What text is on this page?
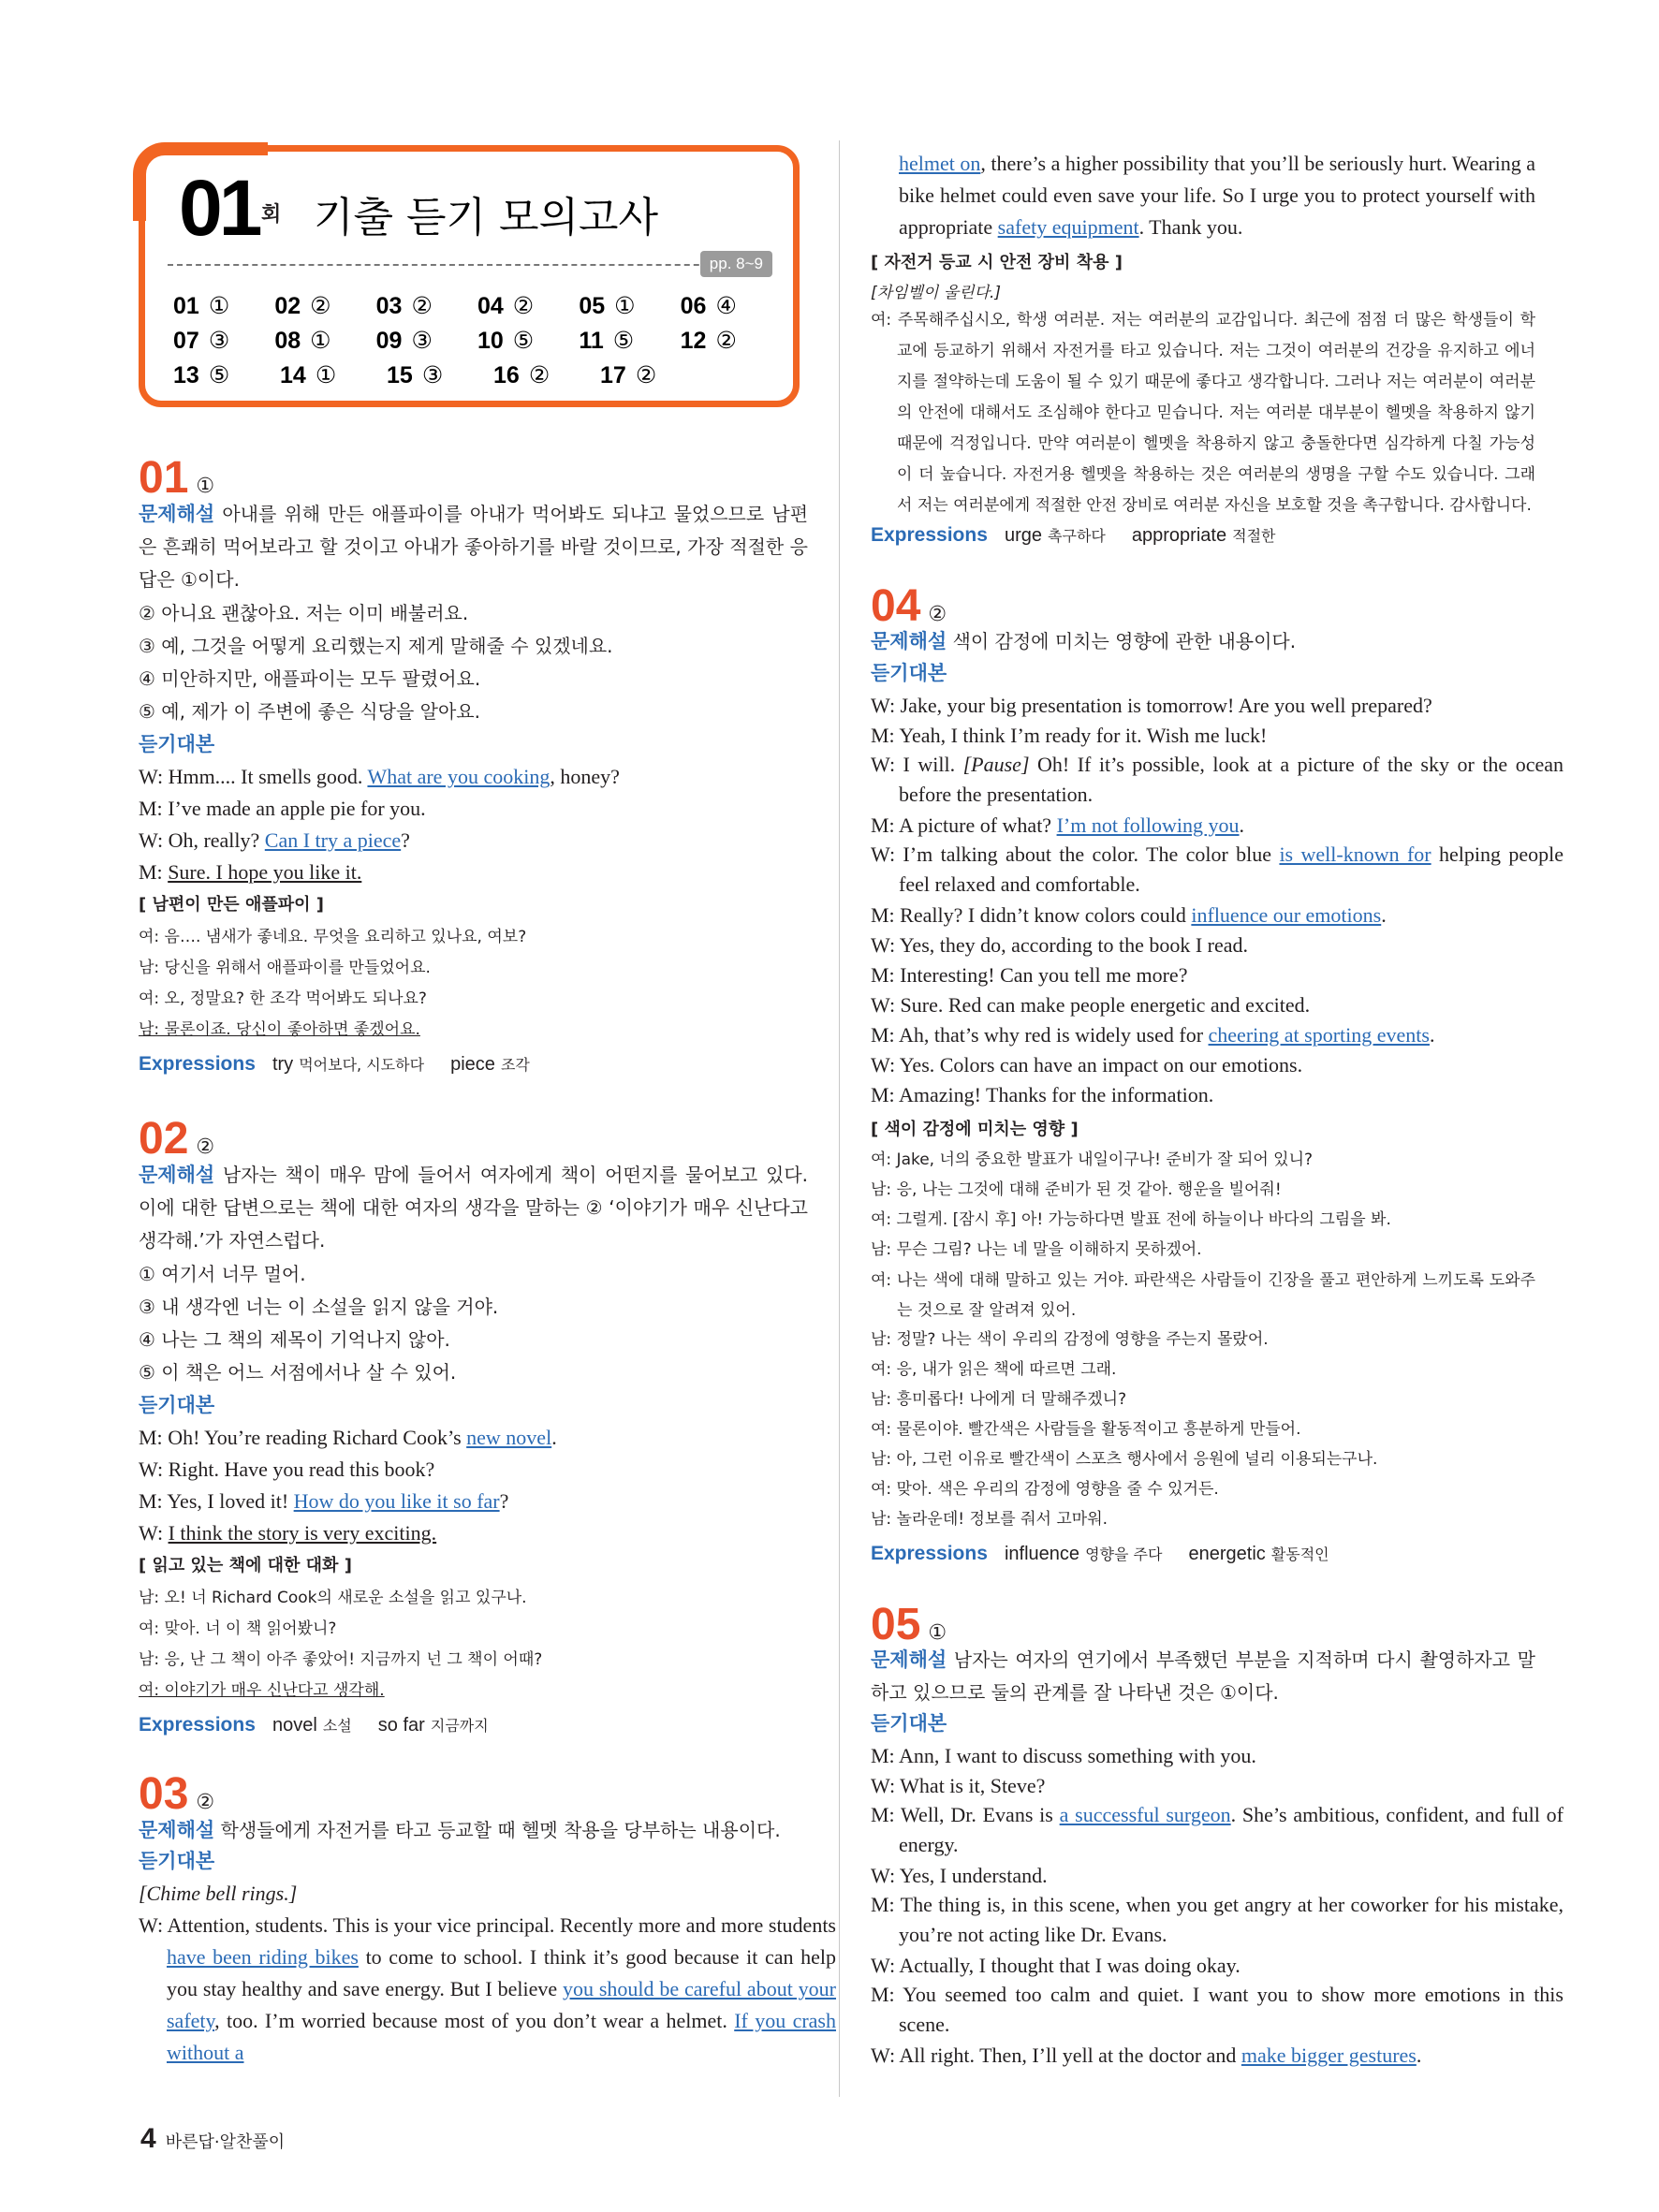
01 회 기출 듣기 모의고사
pp. 8~9
01 ①	02 ②	03 ②	04 ②	05 ①	06 ④
07 ③	08 ①	09 ③	10 ⑤	11 ⑤	12 ②
13 ⑤	14 ①	15 ③	16 ②	17 ②
01 ①
문제해설 아내를 위해 만든 애플파이를 아내가 먹어봐도 되냐고 물었으므로 남편은 흔쾌히 먹어보라고 할 것이고 아내가 좋아하기를 바랄 것이므로, 가장 적절한 응답은 ①이다.
② 아니요 괜찮아요. 저는 이미 배불러요.
③ 예, 그것을 어떻게 요리했는지 제게 말해줄 수 있겠네요.
④ 미안하지만, 애플파이는 모두 팔렸어요.
⑤ 예, 제가 이 주변에 좋은 식당을 알아요.
듣기대본
W: Hmm.... It smells good. What are you cooking, honey?
M: I’ve made an apple pie for you.
W: Oh, really? Can I try a piece?
M: Sure. I hope you like it.
[ 남편이 만든 애플파이 ]
여: 음…. 냄새가 좋네요. 무엇을 요리하고 있나요, 여보?
남: 당신을 위해서 애플파이를 만들었어요.
여: 오, 정말요? 한 조각 먹어봐도 되나요?
남: 물론이죠. 당신이 좋아하면 좋겠어요.
Expressions try 먹어보다, 시도하다 piece 조각
02 ②
문제해설 남자는 책이 매우 맘에 들어서 여자에게 책이 어떤지를 물어보고 있다. 이에 대한 답변으로는 책에 대한 여자의 생각을 말하는 ② ‘이야기가 매우 신난다고 생각해.’가 자연스럽다.
① 여기서 너무 멀어.
③ 내 생각엔 너는 이 소설을 읽지 않을 거야.
④ 나는 그 책의 제목이 기억나지 않아.
⑤ 이 책은 어느 서점에서나 살 수 있어.
듣기대본
M: Oh! You’re reading Richard Cook’s new novel.
W: Right. Have you read this book?
M: Yes, I loved it! How do you like it so far?
W: I think the story is very exciting.
[ 읽고 있는 책에 대한 대화 ]
남: 오! 너 Richard Cook의 새로운 소설을 읽고 있구나.
여: 맞아. 너 이 책 읽어봤니?
남: 응, 난 그 책이 아주 좋았어! 지금까지 넌 그 책이 어때?
여: 이야기가 매우 신난다고 생각해.
Expressions novel 소설 so far 지금까지
03 ②
문제해설 학생들에게 자전거를 타고 등교할 때 헬멧 착용을 당부하는 내용이다.
듣기대본
[Chime bell rings.]
W: Attention, students. This is your vice principal. Recently more and more students have been riding bikes to come to school. I think it’s good because it can help you stay healthy and save energy. But I believe you should be careful about your safety, too. I’m worried because most of you don’t wear a helmet. If you crash without a
helmet on, there’s a higher possibility that you’ll be seriously hurt. Wearing a bike helmet could even save your life. So I urge you to protect yourself with appropriate safety equipment. Thank you.
[ 자전거 등교 시 안전 장비 착용 ]
[차임벨이 울린다.]
여: 주목해주십시오, 학생 여러분. 저는 여러분의 교감입니다. 최근에 점점 더 많은 학생들이 학교에 등교하기 위해서 자전거를 타고 있습니다. 저는 그것이 여러분의 건강을 유지하고 에너지를 절약하는데 도움이 될 수 있기 때문에 좋다고 생각합니다. 그러나 저는 여러분이 여러분의 안전에 대해서도 조심해야 한다고 믿습니다. 저는 여러분 대부분이 헬멧을 착용하지 않기 때문에 걱정입니다. 만약 여러분이 헬멧을 착용하지 않고 충돌한다면 심각하게 다칠 가능성이 더 높습니다. 자전거용 헬멧을 착용하는 것은 여러분의 생명을 구할 수도 있습니다. 그래서 저는 여러분에게 적절한 안전 장비로 여러분 자신을 보호할 것을 촉구합니다. 감사합니다.
Expressions urge 촉구하다 appropriate 적절한
04 ②
문제해설 색이 감정에 미치는 영향에 관한 내용이다.
듣기대본
W: Jake, your big presentation is tomorrow! Are you well prepared?
M: Yeah, I think I’m ready for it. Wish me luck!
W: I will. [Pause] Oh! If it’s possible, look at a picture of the sky or the ocean before the presentation.
M: A picture of what? I’m not following you.
W: I’m talking about the color. The color blue is well-known for helping people feel relaxed and comfortable.
M: Really? I didn’t know colors could influence our emotions.
W: Yes, they do, according to the book I read.
M: Interesting! Can you tell me more?
W: Sure. Red can make people energetic and excited.
M: Ah, that’s why red is widely used for cheering at sporting events.
W: Yes. Colors can have an impact on our emotions.
M: Amazing! Thanks for the information.
[ 색이 감정에 미치는 영향 ]
여: Jake, 너의 중요한 발표가 내일이구나! 준비가 잘 되어 있니?
남: 응, 나는 그것에 대해 준비가 된 것 같아. 행운을 빌어줘!
여: 그럴게. [잠시 후] 아! 가능하다면 발표 전에 하늘이나 바다의 그림을 봐.
남: 무슨 그림? 나는 네 말을 이해하지 못하겠어.
여: 나는 색에 대해 말하고 있는 거야. 파란색은 사람들이 긴장을 풀고 편안하게 느끼도록 도와주는 것으로 잘 알려져 있어.
남: 정말? 나는 색이 우리의 감정에 영향을 주는지 몰랐어.
여: 응, 내가 읽은 책에 따르면 그래.
남: 흥미롭다! 나에게 더 말해주겠니?
여: 물론이야. 빨간색은 사람들을 활동적이고 흥분하게 만들어.
남: 아, 그런 이유로 빨간색이 스포츠 행사에서 응원에 널리 이용되는구나.
여: 맞아. 색은 우리의 감정에 영향을 줄 수 있거든.
남: 놀라운데! 정보를 줘서 고마워.
Expressions influence 영향을 주다 energetic 활동적인
05 ①
문제해설 남자는 여자의 연기에서 부족했던 부분을 지적하며 다시 촬영하자고 말하고 있으므로 둘의 관계를 잘 나타낸 것은 ①이다.
듣기대본
M: Ann, I want to discuss something with you.
W: What is it, Steve?
M: Well, Dr. Evans is a successful surgeon. She’s ambitious, confident, and full of energy.
W: Yes, I understand.
M: The thing is, in this scene, when you get angry at her coworker for his mistake, you’re not acting like Dr. Evans.
W: Actually, I thought that I was doing okay.
M: You seemed too calm and quiet. I want you to show more emotions in this scene.
W: All right. Then, I’ll yell at the doctor and make bigger gestures.
4 바른답·알찬풀이
